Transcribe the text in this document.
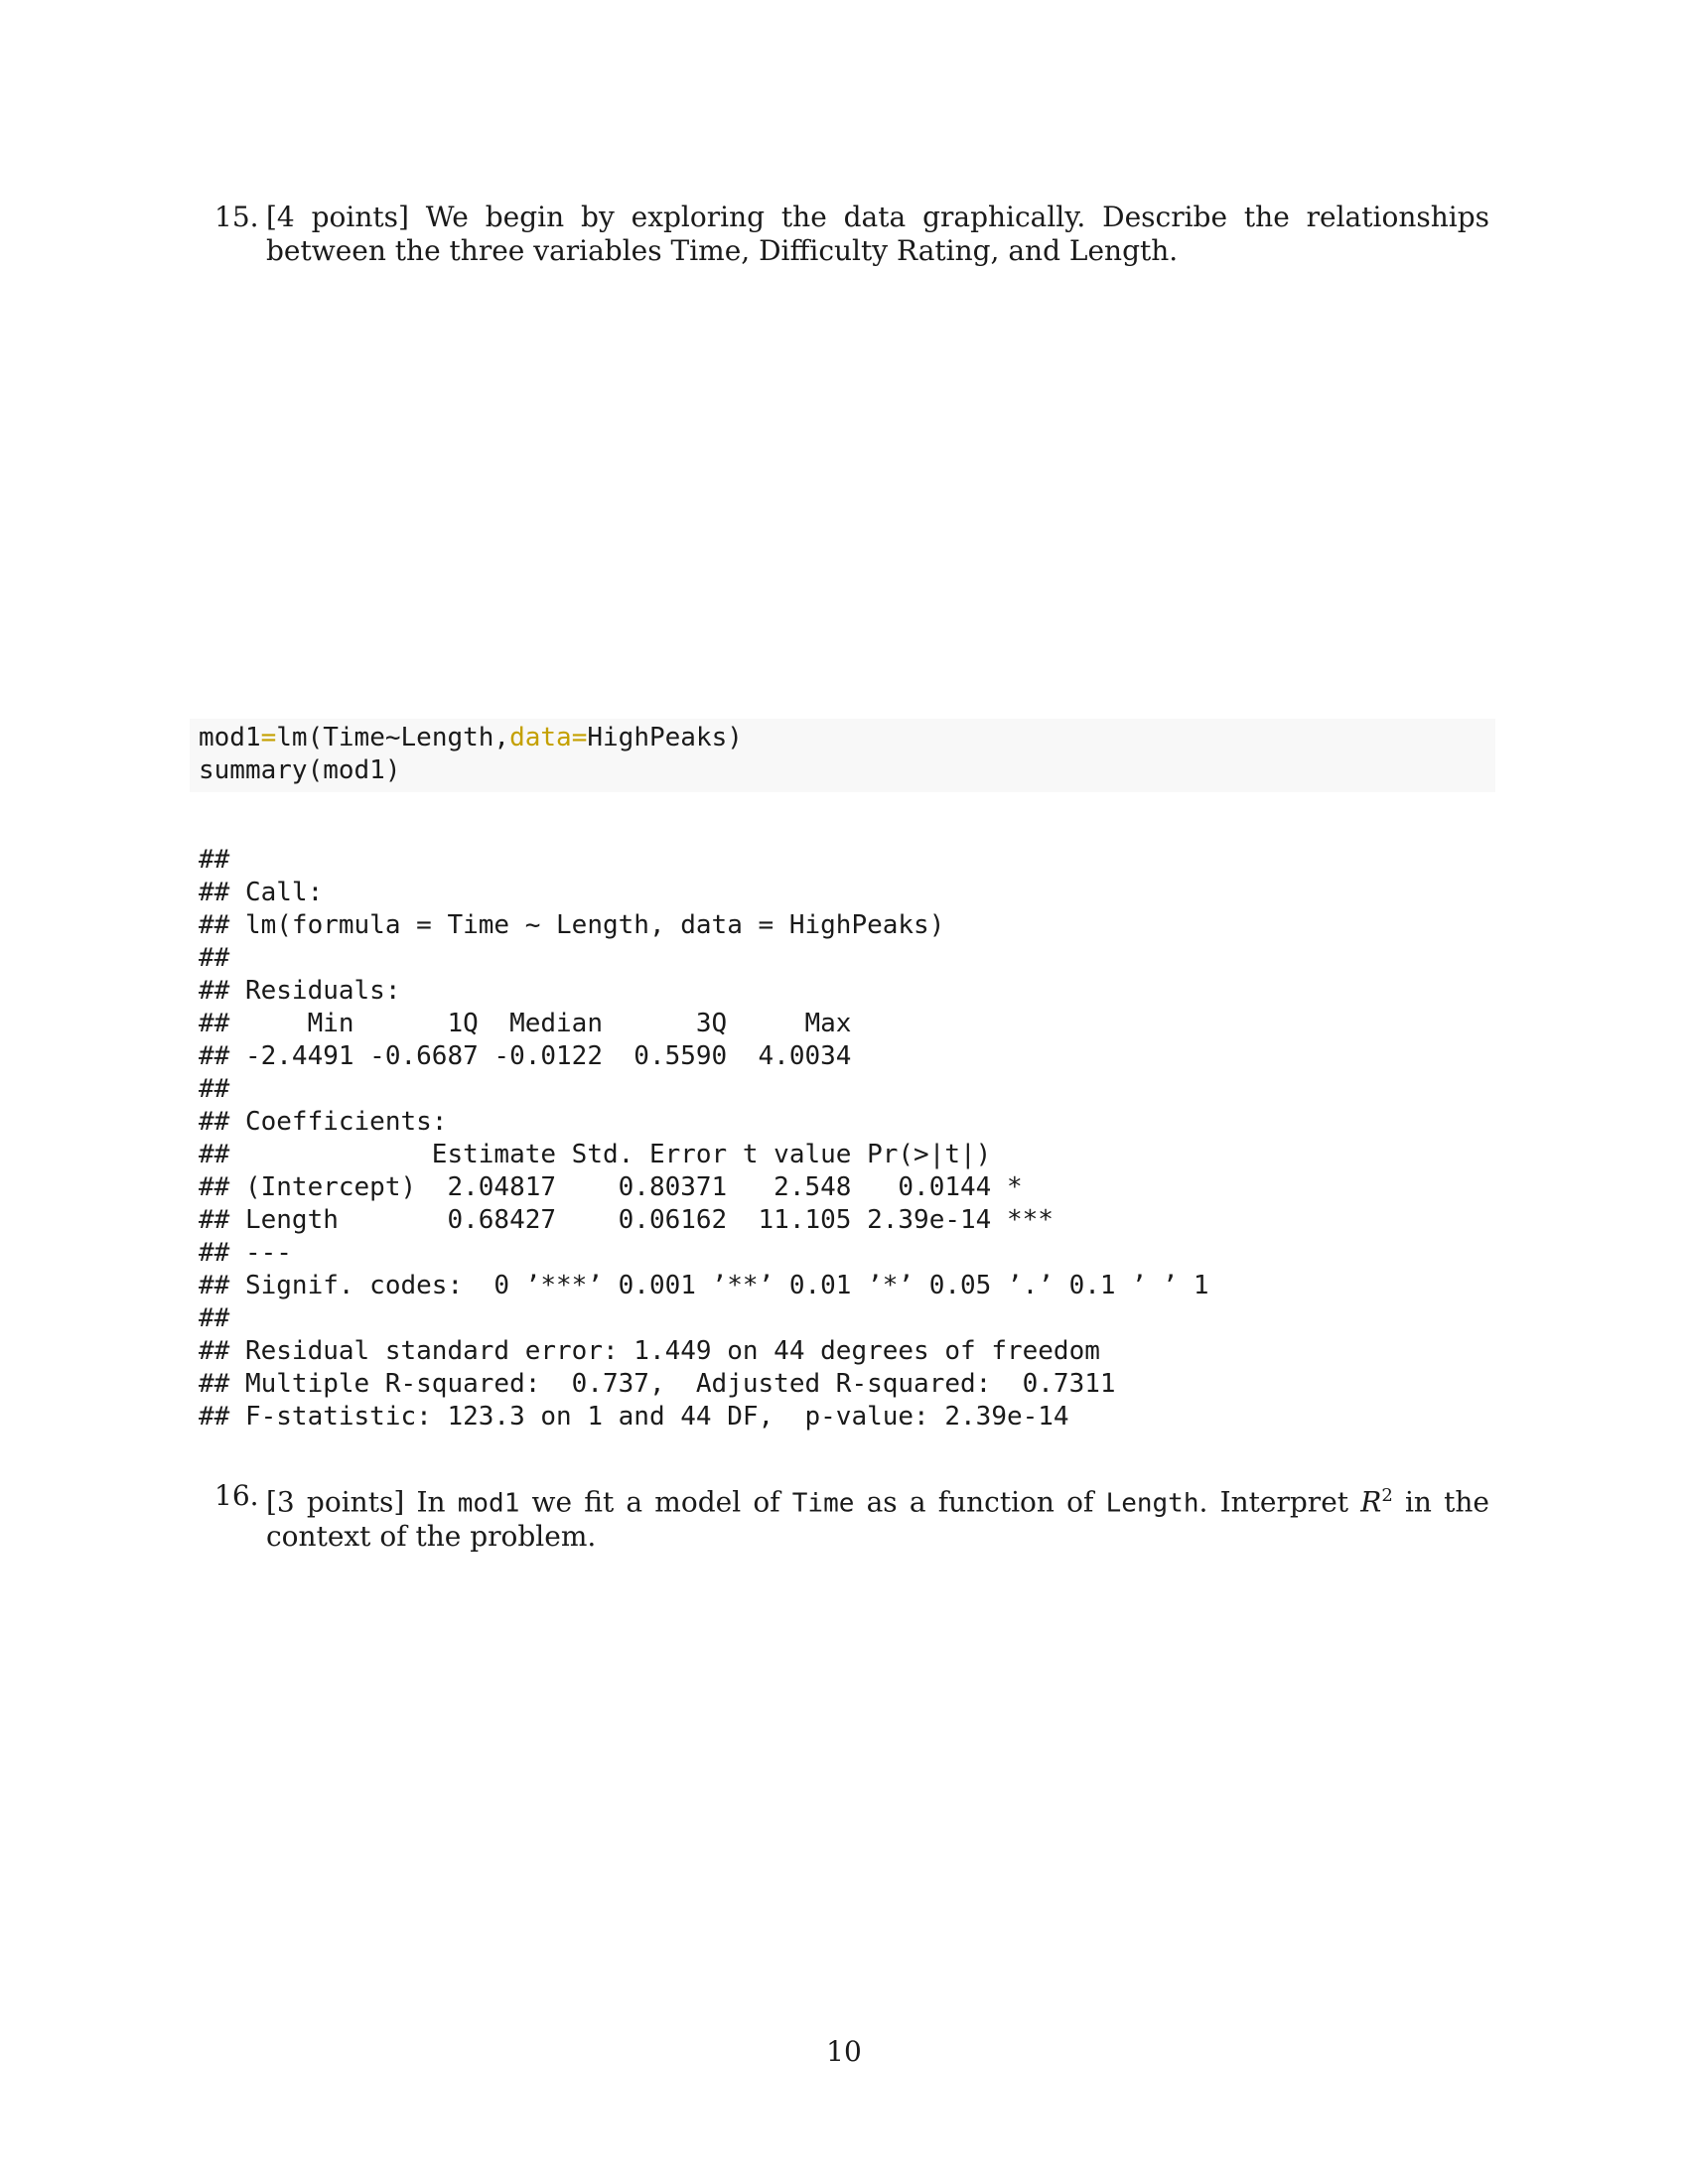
15. [4 points] We begin by exploring the data graphically. Describe the relationships between the three variables Time, Difficulty Rating, and Length.
mod1=lm(Time~Length,data=HighPeaks)
summary(mod1)
##
## Call:
## lm(formula = Time ~ Length, data = HighPeaks)
##
## Residuals:
##     Min      1Q  Median      3Q     Max
## -2.4491 -0.6687 -0.0122  0.5590  4.0034
##
## Coefficients:
##             Estimate Std. Error t value Pr(>|t|)
## (Intercept)  2.04817    0.80371   2.548   0.0144 *
## Length       0.68427    0.06162  11.105 2.39e-14 ***
## ---
## Signif. codes:  0 ’***’ 0.001 ’**’ 0.01 ’*’ 0.05 ’.’ 0.1 ’ ’ 1
##
## Residual standard error: 1.449 on 44 degrees of freedom
## Multiple R-squared:  0.737,  Adjusted R-squared:  0.7311
## F-statistic: 123.3 on 1 and 44 DF,  p-value: 2.39e-14
16. [3 points] In mod1 we fit a model of Time as a function of Length. Interpret $R^2$ in the context of the problem.
10
